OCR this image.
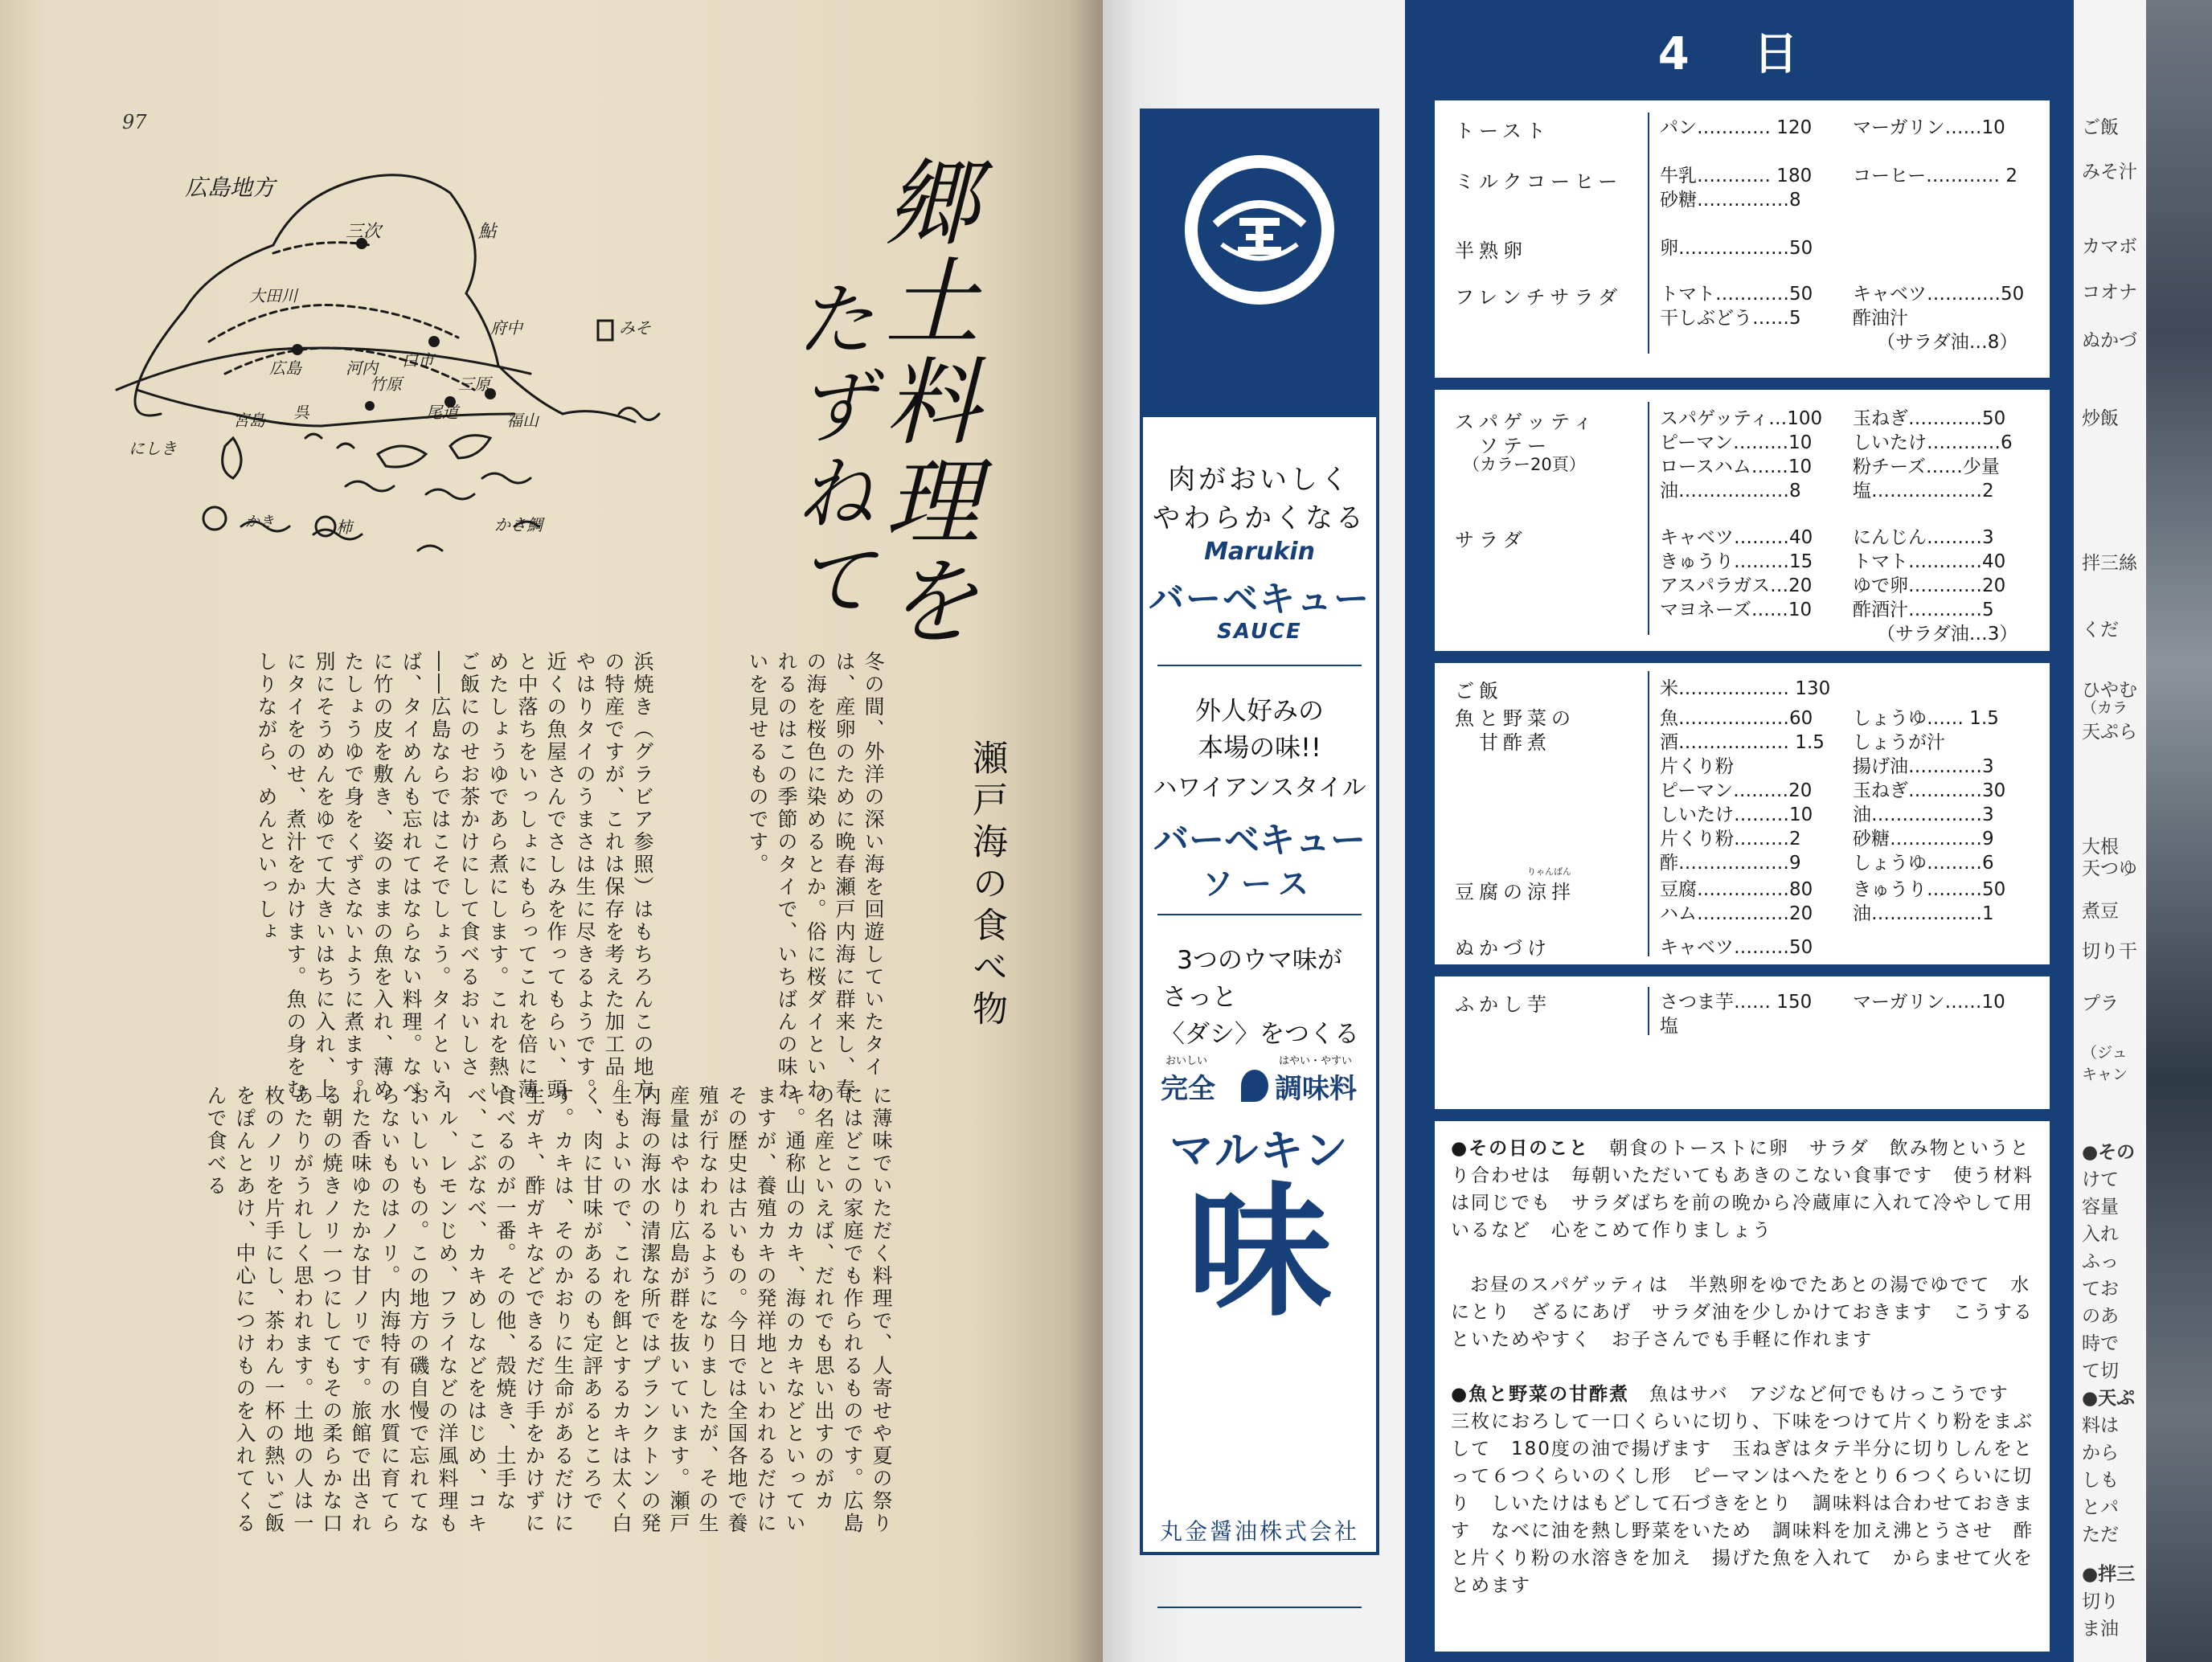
97
広島地方
三次	鮎
大田川
府中	みそ
三原
尾道	福山
広島
呉
宮島
かき
竹原
白市
河内
鯛
かき
柿
にしき	郷土料理を
たずねて
瀬戸海の食べ物
冬の間、外洋の深い海を回遊していたタイは、産卵のために晩春瀬戸内海に群来し、春の海を桜色に染めるとか。俗に桜ダイといわれるのはこの季節のタイで、いちばんの味わいを見せるものです。
浜焼き（グラビア参照）はもちろんこの地方の特産ですが、これは保存を考えた加工品。やはりタイのうまさは生に尽きるようです。近くの魚屋さんでさしみを作ってもらい、頭と中落ちをいっしょにもらってこれを倍に薄めたしょうゆであら煮にします。これを熱いご飯にのせお茶かけにして食べるおいしさ――広島ならではこそでしょう。タイといえば、タイめんも忘れてはならない料理。なべに竹の皮を敷き、姿のままの魚を入れ、薄めたしょうゆで身をくずさないように煮ます。別にそうめんをゆでて大きいはちに入れ、上にタイをのせ、煮汁をかけます。魚の身をむしりながら、めんといっしょ
に薄味でいただく料理で、人寄せや夏の祭りにはどこの家庭でも作られるものです。広島の名産といえば、だれでも思い出すのがカキ。通称山のカキ、海のカキなどといっていますが、養殖カキの発祥地といわれるだけにその歴史は古いもの。今日では全国各地で養殖が行なわれるようになりましたが、その生産量はやはり広島が群を抜いています。瀬戸内海の海水の清潔な所ではプランクトンの発生もよいので、これを餌とするカキは太く白く、肉に甘味があるのも定評あるところです。カキは、そのかおりに生命があるだけに生ガキ、酢ガキなどできるだけ手をかけずに食べるのが一番。その他、殻焼き、土手なべ、こぶなべ、カキめしなどをはじめ、コキール、レモンじめ、フライなどの洋風料理もおいしいもの。この地方の磯自慢で忘れてならないものはノリ。内海特有の水質に育てられた香味ゆたかな甘ノリです。旅館で出される朝の焼きノリ一つにしてもその柔らかな口あたりがうれしく思われます。土地の人は一枚のノリを片手にし、茶わん一杯の熱いご飯をぽんとあけ、中心につけものを入れてくるんで食べる
肉がおいしく
やわらかくなる
Marukin
バーベキュー
SAUCE
外人好みの
本場の味!!
ハワイアンスタイル
バーベキュー
ソース
3つのウマ味が
さっと
〈ダシ〉をつくる
おいしい	はやい・やすい
完全	調味料
マルキン
味
丸金醤油株式会社
4 日
トースト	パン………… 120 マーガリン……10
ミルクコーヒー 牛乳………… 180 コーヒー………… 2
砂糖……………8
半熟卵	卵………………50
フレンチサラダ トマト…………50 キャベツ…………50
干しぶどう……5	酢油汁
（サラダ油…8）
スパゲッティ
ソテー
（カラー20頁）
スパゲッティ…100 玉ねぎ…………50
ピーマン………10 しいたけ…………6
ロースハム……10 粉チーズ……少量
油………………8	塩………………2
サラダ	キャベツ………40 にんじん………3
きゅうり………15 トマト…………40
アスパラガス…20 ゆで卵…………20
マヨネーズ……10 酢酒汁…………5
（サラダ油…3）
ご飯	米……………… 130
魚と野菜の
甘酢煮
魚………………60 しょうゆ…… 1.5
酒……………… 1.5 しょうが汁
片くり粉	揚げ油…………3
ピーマン………20 玉ねぎ…………30
しいたけ………10 油………………3
片くり粉………2	砂糖……………9
酢………………9	しょうゆ………6
りゃんばん
豆腐の涼拌	豆腐……………80 きゅうり………50
ハム……………20 油………………1
ぬかづけ	キャベツ………50
ふかし芋	さつま芋…… 150 マーガリン……10
塩
●その日のこと　 朝食のトーストに卵　サラダ　飲み物というとり合わせは　毎朝いただいてもあきのこない食事です　使う材料は同じでも　サラダばちを前の晩から冷蔵庫に入れて冷やして用いるなど　心をこめて作りましょう
お昼のスパゲッティは　半熟卵をゆでたあとの湯でゆでて　水にとり　ざるにあげ　サラダ油を少しかけておきます　こうするといためやすく　お子さんでも手軽に作れます
●魚と野菜の甘酢煮　 魚はサバ　アジなど何でもけっこうです　三枚におろして一口くらいに切り、下味をつけて片くり粉をまぶして　180度の油で揚げます　玉ねぎはタテ半分に切りしんをとって６つくらいのくし形　ピーマンはへたをとり６つくらいに切り　しいたけはもどして石づきをとり　調味料は合わせておきます　なべに油を熱し野菜をいため　調味料を加え沸とうさせ　酢と片くり粉の水溶きを加え　揚げた魚を入れて　からませて火をとめます
ご飯
みそ汁
カマボ
コオナ
ぬかづ
炒飯
拌三絲
くだ
ひやむ
（カラ
天ぷら
大根
天つゆ
煮豆
切り干
プラ
（ジュ
キャン
●その
けて
容量
入れ
ふっ
てお
のあ
時で
て切
●天ぷ
料は
から
しも
とパ
ただ
●拌三
切り
ま油
